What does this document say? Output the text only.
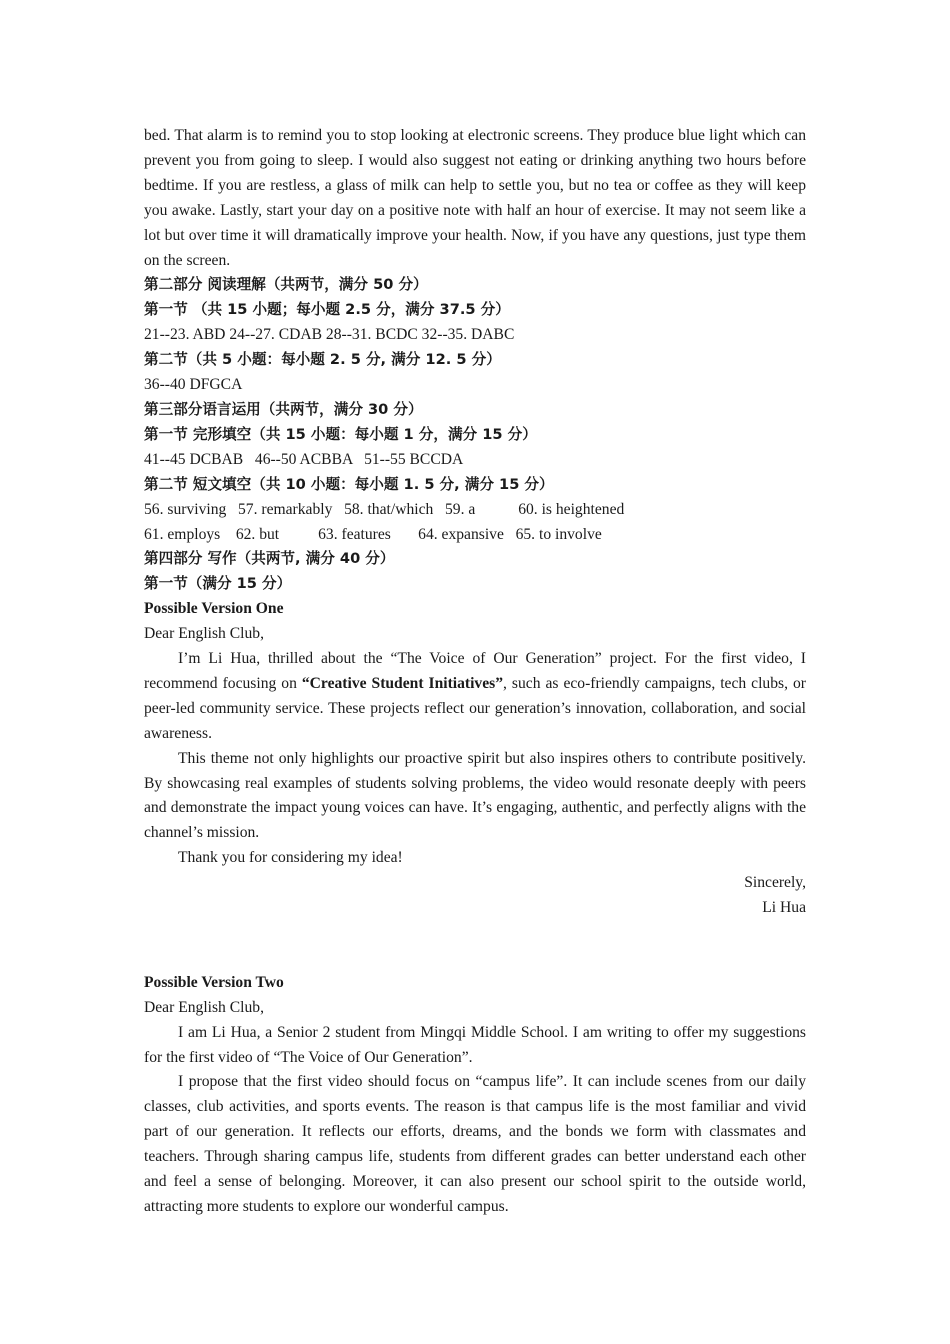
bed. That alarm is to remind you to stop looking at electronic screens. They produce blue light which can prevent you from going to sleep. I would also suggest not eating or drinking anything two hours before bedtime. If you are restless, a glass of milk can help to settle you, but no tea or coffee as they will keep you awake. Lastly, start your day on a positive note with half an hour of exercise. It may not seem like a lot but over time it will dramatically improve your health. Now, if you have any questions, just type them on the screen.

第二部分 阅读理解（共两节，满分 50 分）

第一节 （共 15 小题；每小题 2.5 分，满分 37.5 分）

21--23. ABD 24--27. CDAB 28--31. BCDC 32--35. DABC

第二节（共 5 小题：每小题 2. 5 分, 满分 12. 5 分）

36--40 DFGCA

第三部分语言运用（共两节，满分 30 分）

第一节 完形填空（共 15 小题：每小题 1 分，满分 15 分）

41--45 DCBAB   46--50 ACBBA   51--55 BCCDA

第二节 短文填空（共 10 小题：每小题 1. 5 分, 满分 15 分）

56. surviving   57. remarkably   58. that/which   59. a           60. is heightened

61. employs    62. but          63. features       64. expansive   65. to involve

第四部分 写作（共两节, 满分 40 分）

第一节（满分 15 分）

Possible Version One

Dear English Club,

I’m Li Hua, thrilled about the “The Voice of Our Generation” project. For the first video, I recommend focusing on “Creative Student Initiatives”, such as eco-friendly campaigns, tech clubs, or peer-led community service. These projects reflect our generation’s innovation, collaboration, and social awareness.

This theme not only highlights our proactive spirit but also inspires others to contribute positively. By showcasing real examples of students solving problems, the video would resonate deeply with peers and demonstrate the impact young voices can have. It’s engaging, authentic, and perfectly aligns with the channel’s mission.

Thank you for considering my idea!

Sincerely,

Li Hua

Possible Version Two

Dear English Club,

I am Li Hua, a Senior 2 student from Mingqi Middle School. I am writing to offer my suggestions for the first video of “The Voice of Our Generation”.

I propose that the first video should focus on “campus life”. It can include scenes from our daily classes, club activities, and sports events. The reason is that campus life is the most familiar and vivid part of our generation. It reflects our efforts, dreams, and the bonds we form with classmates and teachers. Through sharing campus life, students from different grades can better understand each other and feel a sense of belonging. Moreover, it can also present our school spirit to the outside world, attracting more students to explore our wonderful campus.
